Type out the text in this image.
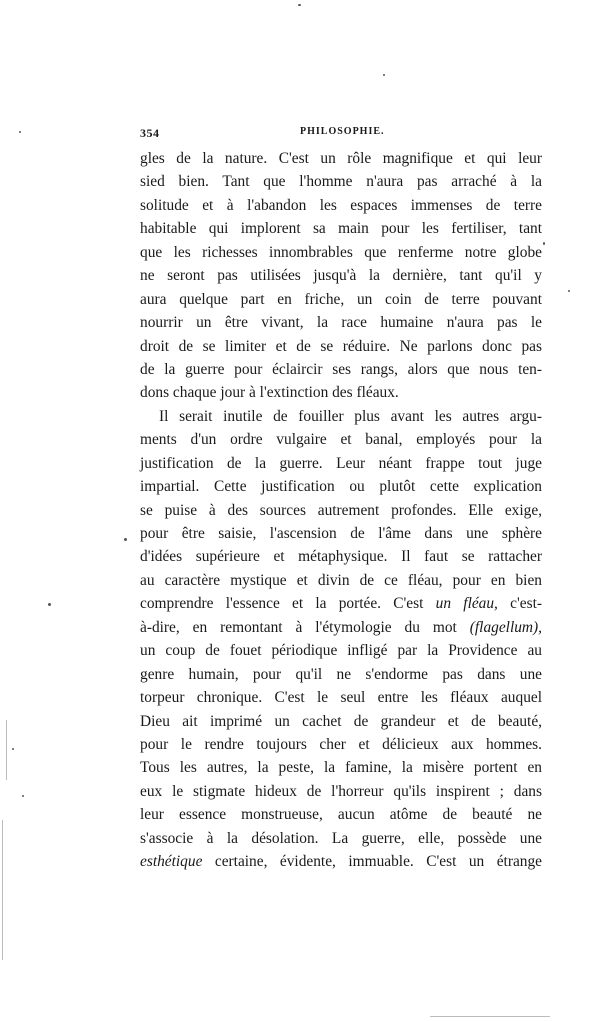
354	PHILOSOPHIE.
gles de la nature. C'est un rôle magnifique et qui leur
sied bien. Tant que l'homme n'aura pas arraché à la
solitude et à l'abandon les espaces immenses de terre
habitable qui implorent sa main pour les fertiliser, tant
que les richesses innombrables que renferme notre globe
ne seront pas utilisées jusqu'à la dernière, tant qu'il y
aura quelque part en friche, un coin de terre pouvant
nourrir un être vivant, la race humaine n'aura pas le
droit de se limiter et de se réduire. Ne parlons donc pas
de la guerre pour éclaircir ses rangs, alors que nous ten-
dons chaque jour à l'extinction des fléaux.
Il serait inutile de fouiller plus avant les autres argu-
ments d'un ordre vulgaire et banal, employés pour la
justification de la guerre. Leur néant frappe tout juge
impartial. Cette justification ou plutôt cette explication
se puise à des sources autrement profondes. Elle exige,
pour être saisie, l'ascension de l'âme dans une sphère
d'idées supérieure et métaphysique. Il faut se rattacher
au caractère mystique et divin de ce fléau, pour en bien
comprendre l'essence et la portée. C'est un fléau, c'est-
à-dire, en remontant à l'étymologie du mot (flagellum),
un coup de fouet périodique infligé par la Providence au
genre humain, pour qu'il ne s'endorme pas dans une
torpeur chronique. C'est le seul entre les fléaux auquel
Dieu ait imprimé un cachet de grandeur et de beauté,
pour le rendre toujours cher et délicieux aux hommes.
Tous les autres, la peste, la famine, la misère portent en
eux le stigmate hideux de l'horreur qu'ils inspirent ; dans
leur essence monstrueuse, aucun atôme de beauté ne
s'associe à la désolation. La guerre, elle, possède une
esthétique certaine, évidente, immuable. C'est un étrange
